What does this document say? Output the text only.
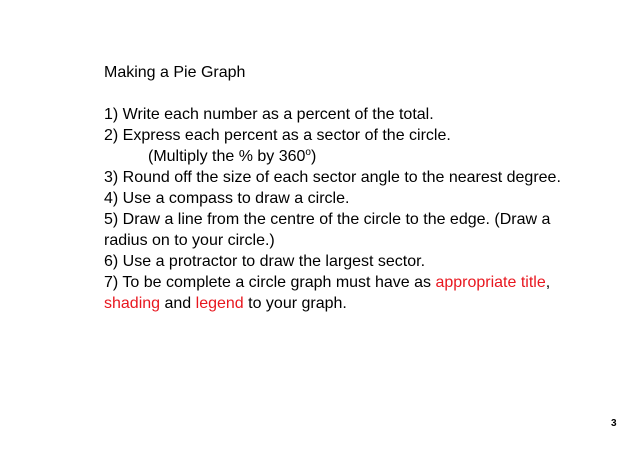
Making a Pie Graph
1) Write each number as a percent of the total.
2) Express each percent as a sector of the circle.
(Multiply the % by 360$^o$)
3) Round off the size of each sector angle to the nearest degree.
4) Use a compass to draw a circle.
5) Draw a line from the centre of the circle to the edge. (Draw a
radius on to your circle.)
6) Use a protractor to draw the largest sector.
7) To be complete a circle graph must have as appropriate title,
shading and legend to your graph.
3
